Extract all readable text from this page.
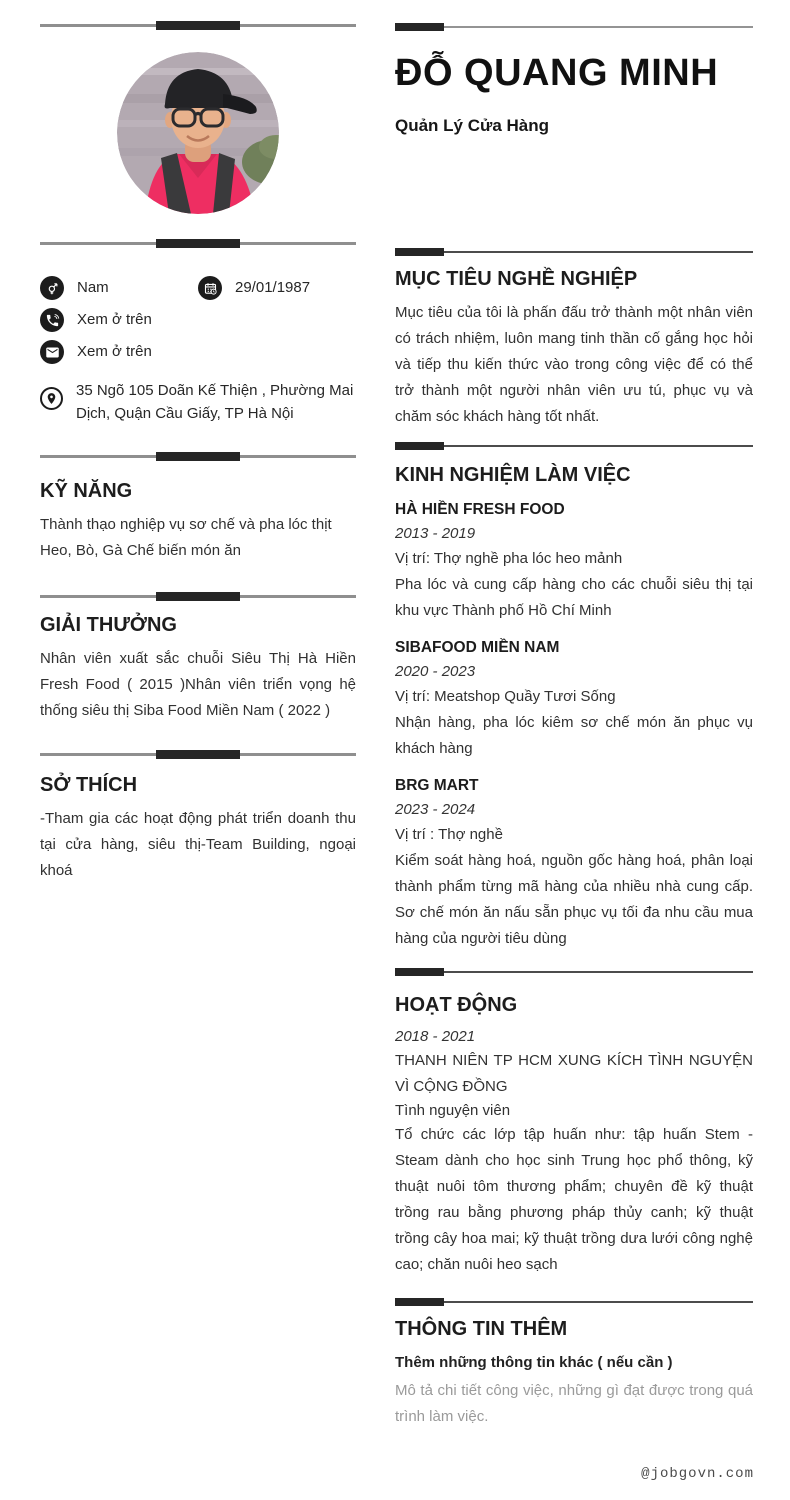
Nam	29/01/1987
Xem ở trên
Xem ở trên
35 Ngõ 105 Doãn Kế Thiện , Phường Mai Dịch, Quận Cầu Giấy, TP Hà Nội
KỸ NĂNG
Thành thạo nghiệp vụ sơ chế và pha lóc thịt Heo, Bò, Gà Chế biến món ăn
GIẢI THƯỞNG
Nhân viên xuất sắc chuỗi Siêu Thị Hà Hiền Fresh Food ( 2015 )Nhân viên triển vọng hệ thống siêu thị Siba Food Miền Nam ( 2022 )
SỞ THÍCH
-Tham gia các hoạt động phát triển doanh thu tại cửa hàng, siêu thị-Team Building, ngoại khoá
ĐỖ QUANG MINH
Quản Lý Cửa Hàng
MỤC TIÊU NGHỀ NGHIỆP
Mục tiêu của tôi là phấn đấu trở thành một nhân viên có trách nhiệm, luôn mang tinh thần cố gắng học hỏi và tiếp thu kiến thức vào trong công việc để có thể trở thành một người nhân viên ưu tú, phục vụ và chăm sóc khách hàng tốt nhất.
KINH NGHIỆM LÀM VIỆC
HÀ HIỀN FRESH FOOD
2013 - 2019
Vị trí: Thợ nghề pha lóc heo mảnh
Pha lóc và cung cấp hàng cho các chuỗi siêu thị tại khu vực Thành phố Hồ Chí Minh
SIBAFOOD MIỀN NAM
2020 - 2023
Vị trí: Meatshop Quầy Tươi Sống
Nhận hàng, pha lóc kiêm sơ chế món ăn phục vụ khách hàng
BRG MART
2023 - 2024
Vị trí : Thợ nghề
Kiểm soát hàng hoá, nguồn gốc hàng hoá, phân loại thành phẩm từng mã hàng của nhiều nhà cung cấp. Sơ chế món ăn nấu sẵn phục vụ tối đa nhu cầu mua hàng của người tiêu dùng
HOẠT ĐỘNG
2018 - 2021
THANH NIÊN TP HCM XUNG KÍCH TÌNH NGUYỆN VÌ CỘNG ĐỒNG
Tình nguyện viên
Tổ chức các lớp tập huấn như: tập huấn Stem - Steam dành cho học sinh Trung học phổ thông, kỹ thuật nuôi tôm thương phẩm; chuyên đề kỹ thuật trồng rau bằng phương pháp thủy canh; kỹ thuật trồng cây hoa mai; kỹ thuật trồng dưa lưới công nghệ cao; chăn nuôi heo sạch
THÔNG TIN THÊM
Thêm những thông tin khác ( nếu cần )
Mô tả chi tiết công việc, những gì đạt được trong quá trình làm việc.
@jobgovn.com
